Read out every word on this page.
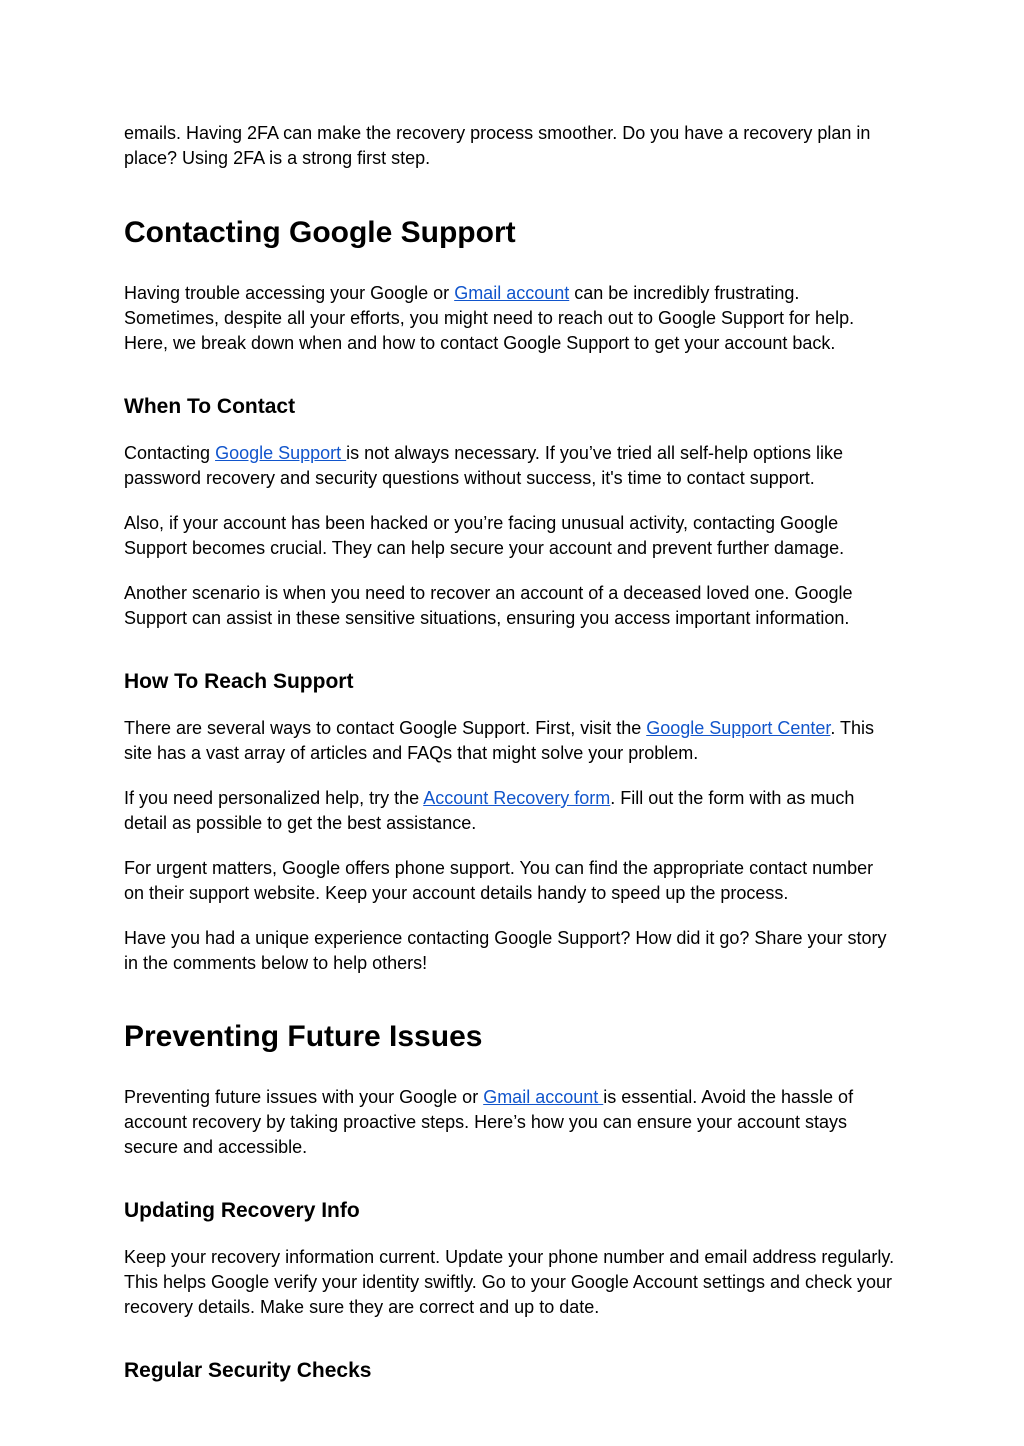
emails. Having 2FA can make the recovery process smoother. Do you have a recovery plan in place? Using 2FA is a strong first step.

Contacting Google Support

Having trouble accessing your Google or Gmail account can be incredibly frustrating. Sometimes, despite all your efforts, you might need to reach out to Google Support for help. Here, we break down when and how to contact Google Support to get your account back.

When To Contact

Contacting Google Support is not always necessary. If you’ve tried all self-help options like password recovery and security questions without success, it's time to contact support.

Also, if your account has been hacked or you’re facing unusual activity, contacting Google Support becomes crucial. They can help secure your account and prevent further damage.

Another scenario is when you need to recover an account of a deceased loved one. Google Support can assist in these sensitive situations, ensuring you access important information.

How To Reach Support

There are several ways to contact Google Support. First, visit the Google Support Center. This site has a vast array of articles and FAQs that might solve your problem.

If you need personalized help, try the Account Recovery form. Fill out the form with as much detail as possible to get the best assistance.

For urgent matters, Google offers phone support. You can find the appropriate contact number on their support website. Keep your account details handy to speed up the process.

Have you had a unique experience contacting Google Support? How did it go? Share your story in the comments below to help others!

Preventing Future Issues

Preventing future issues with your Google or Gmail account is essential. Avoid the hassle of account recovery by taking proactive steps. Here’s how you can ensure your account stays secure and accessible.

Updating Recovery Info

Keep your recovery information current. Update your phone number and email address regularly. This helps Google verify your identity swiftly. Go to your Google Account settings and check your recovery details. Make sure they are correct and up to date.

Regular Security Checks
